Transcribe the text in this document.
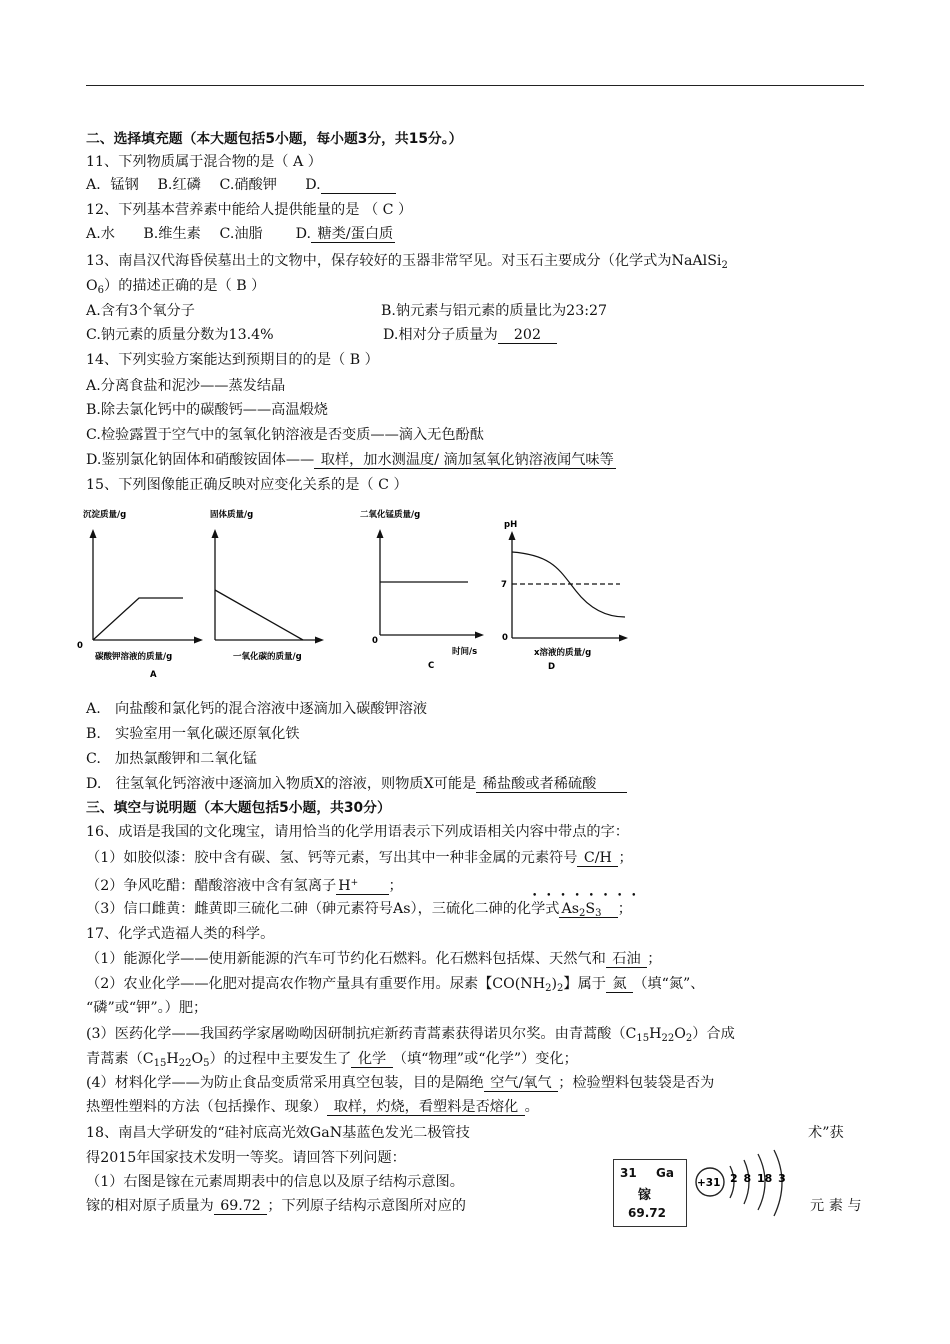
二、选择填充题（本大题包括5小题，每小题3分，共15分。）
11、下列物质属于混合物的是（ A ）
A．锰钢　 B.红磷　 C.硝酸钾　　D.　　　　　
12、下列基本营养素中能给人提供能量的是 （ C ）
A.水　　B.维生素　 C.油脂　　 D. 糖类/蛋白质
13、南昌汉代海昏侯墓出土的文物中，保存较好的玉器非常罕见。对玉石主要成分（化学式为NaAlSi$_2$
$O_6$）的描述正确的是（ B ）
A.含有3个氧分子	B.钠元素与铝元素的质量比为23:27
C.钠元素的质量分数为13.4%	D.相对分子质量为　202　
14、下列实验方案能达到预期目的的是（ B ）
A.分离食盐和泥沙——蒸发结晶
B.除去氯化钙中的碳酸钙——高温煅烧
C.检验露置于空气中的氢氧化钠溶液是否变质——滴入无色酚酞
D.鉴别氯化钠固体和硝酸铵固体—— 取样，加水测温度/ 滴加氢氧化钠溶液闻气味等
15、下列图像能正确反映对应变化关系的是（ C ）
沉淀质量/g
0
碳酸钾溶液的质量/g
A
固体质量/g
一氧化碳的质量/g
二氧化锰质量/g
0
时间/s
C
pH
7
0
x溶液的质量/g
D
A.　向盐酸和氯化钙的混合溶液中逐滴加入碳酸钾溶液
B.　实验室用一氧化碳还原氧化铁
C.　加热氯酸钾和二氧化锰
D.　往氢氧化钙溶液中逐滴加入物质X的溶液，则物质X可能是 稀盐酸或者稀硫酸　　
三、填空与说明题（本大题包括5小题，共30分）
16、成语是我国的文化瑰宝，请用恰当的化学用语表示下列成语相关内容中带点的字：
（1）如胶似漆：胶中含有碳、氢、钙等元素，写出其中一种非金属的元素符号 C/H ；
（2）争风吃醋：醋酸溶液中含有氢离子 H+　　 ；
• • • • • • • •
（3）信口雌黄：雌黄即三硫化二砷（砷元素符号As），三硫化二砷的化学式 $As_2S_3$　 ；
17、化学式造福人类的科学。
（1）能源化学——使用新能源的汽车可节约化石燃料。化石燃料包括煤、天然气和 石油 ；
（2）农业化学——化肥对提高农作物产量具有重要作用。尿素【$CO(NH_2)_2$】属于 氮 （填“氮”、
“磷”或“钾”。）肥；
(3）医药化学——我国药学家屠呦呦因研制抗疟新药青蒿素获得诺贝尔奖。由青蒿酸$(C_{15}H_{22}O_2)$合成
青蒿素$(C_{15}H_{22}O_5)$的过程中主要发生了 化学 （填“物理”或“化学”）变化；
(4）材料化学——为防止食品变质常采用真空包装，目的是隔绝 空气/氧气 ；检验塑料包装袋是否为
热塑性塑料的方法（包括操作、现象） 取样，灼烧，看塑料是否熔化 。
18、南昌大学研发的“硅衬底高光效GaN基蓝色发光二极管技	术”获
得2015年国家技术发明一等奖。请回答下列问题：
（1）右图是镓在元素周期表中的信息以及原子结构示意图。
镓的相对原子质量为 69.72 ；下列原子结构示意图所对应的	元 素 与
31 Ga
镓
69.72
+31 2 8 18 3
